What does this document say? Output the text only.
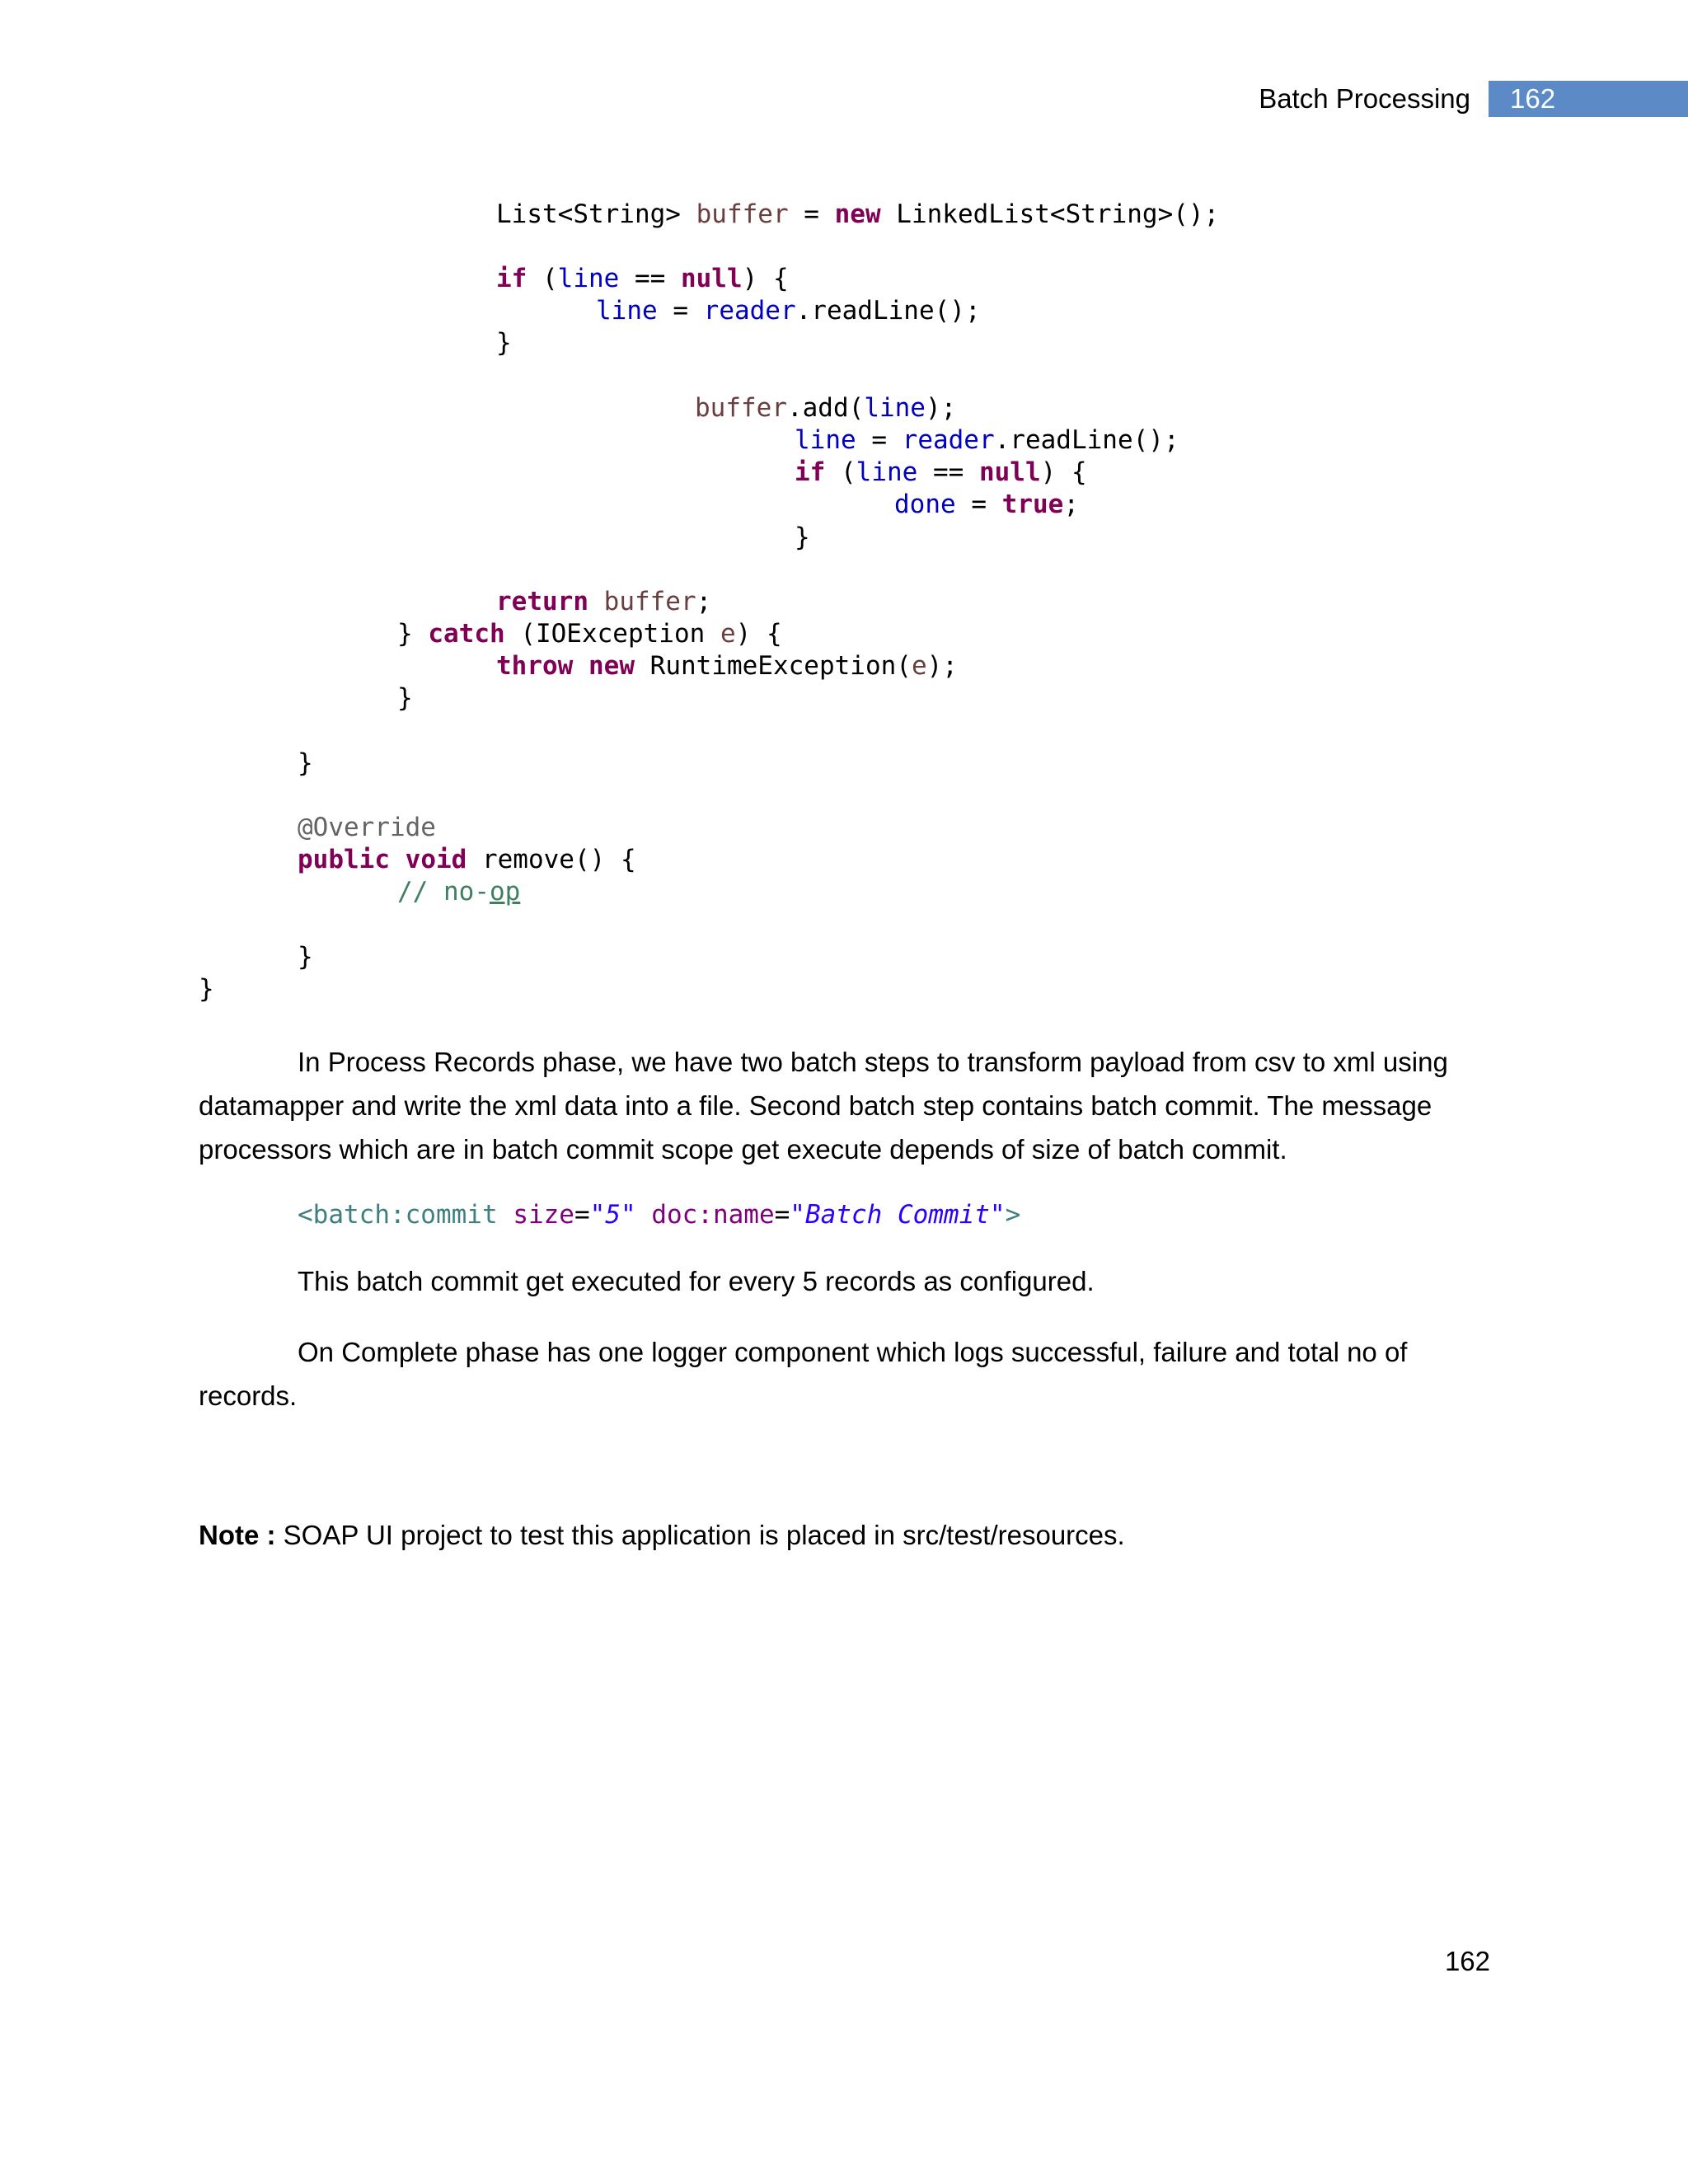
Batch Processing 162

List<String> buffer = new LinkedList<String>();

if (line == null) {

line = reader.readLine();

}

buffer.add(line);

line = reader.readLine();

if (line == null) {

done = true;

}

return buffer;

} catch (IOException e) {

throw new RuntimeException(e);

}

}

@Override

public void remove() {

// no-op

}

}

In Process Records phase, we have two batch steps to transform payload from csv to xml using datamapper and write the xml data into a file. Second batch step contains batch commit. The message processors which are in batch commit scope get execute depends of size of batch commit.

<batch:commit size="5" doc:name="Batch Commit">

This batch commit get executed for every 5 records as configured.

On Complete phase has one logger component which logs successful, failure and total no of records.

Note : SOAP UI project to test this application is placed in src/test/resources.

162
